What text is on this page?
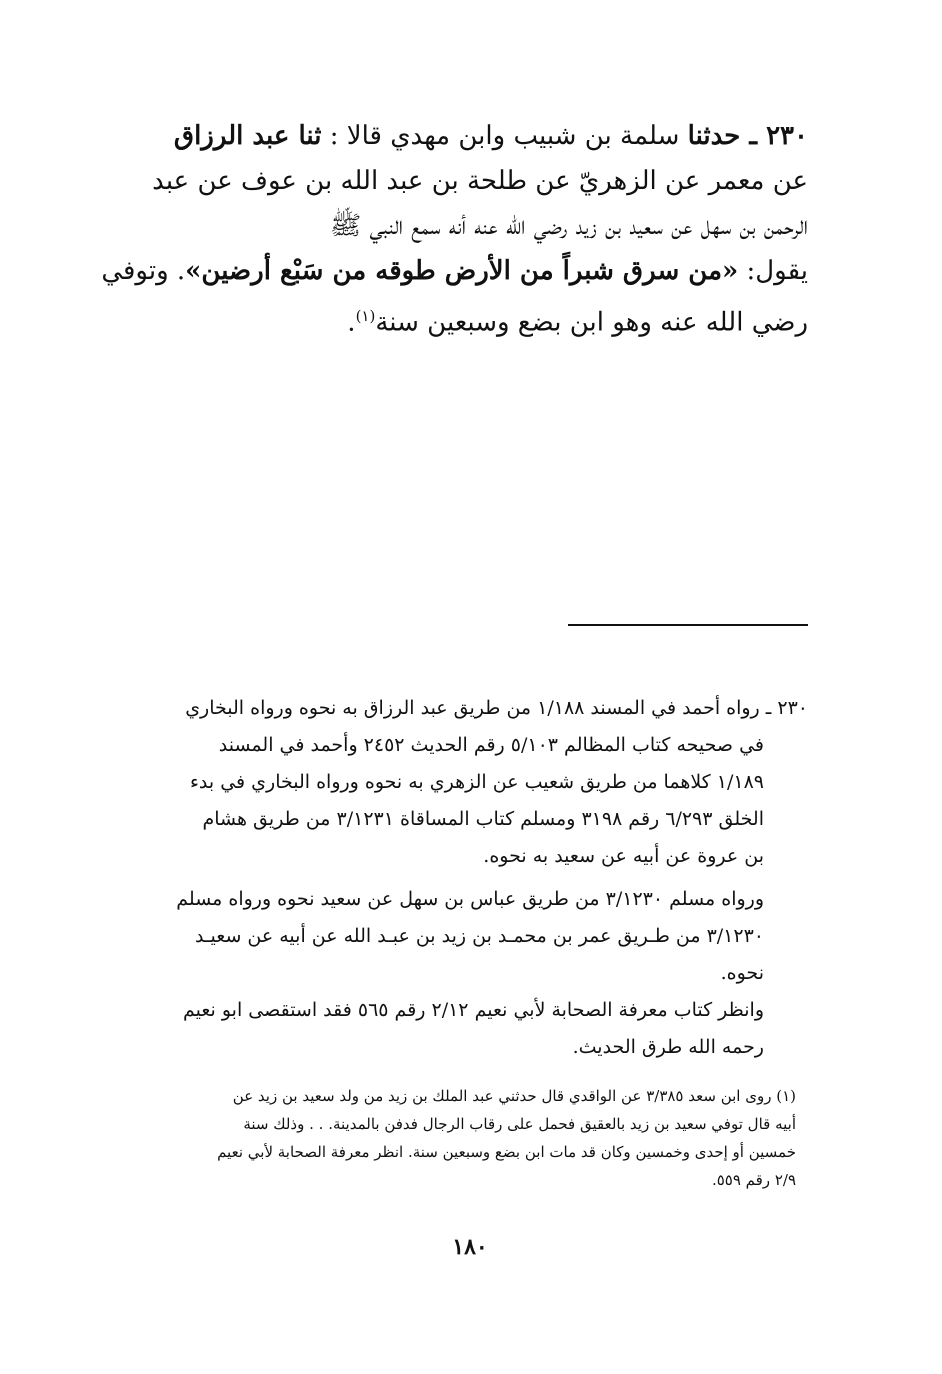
٢٣٠ ـ حدثنا سلمة بن شبيب وابن مهدي قالا : ثنا عبد الرزاق
عن معمر عن الزهريّ عن طلحة بن عبد الله بن عوف عن عبد
الرحمن بن سهل عن سعيد بن زيد رضي الله عنه أنه سمع النبي ﷺ
يقول: «من سرق شبراً من الأرض طوقه من سَبْع أرضين». وتوفي
رضي الله عنه وهو ابن بضع وسبعين سنة$^{(١)}$.
٢٣٠ ـ رواه أحمد في المسند ١/١٨٨ من طريق عبد الرزاق به نحوه ورواه البخاري
في صحيحه كتاب المظالم ٥/١٠٣ رقم الحديث ٢٤٥٢ وأحمد في المسند
١/١٨٩ كلاهما من طريق شعيب عن الزهري به نحوه ورواه البخاري في بدء
الخلق ٦/٢٩٣ رقم ٣١٩٨ ومسلم كتاب المساقاة ٣/١٢٣١ من طريق هشام
بن عروة عن أبيه عن سعيد به نحوه.
ورواه مسلم ٣/١٢٣٠ من طريق عباس بن سهل عن سعيد نحوه ورواه مسلم
٣/١٢٣٠ من طـريق عمر بن محمـد بن زيد بن عبـد الله عن أبيه عن سعيـد
نحوه.
وانظر كتاب معرفة الصحابة لأبي نعيم ٢/١٢ رقم ٥٦٥ فقد استقصى ابو نعيم
رحمه الله طرق الحديث.
(١) روى ابن سعد ٣/٣٨٥ عن الواقدي قال حدثني عبد الملك بن زيد من ولد سعيد بن زيد عن
أبيه قال توفي سعيد بن زيد بالعقيق فحمل على رقاب الرجال فدفن بالمدينة. . . وذلك سنة
خمسين أو إحدى وخمسين وكان قد مات ابن بضع وسبعين سنة. انظر معرفة الصحابة لأبي نعيم
٢/٩ رقم ٥٥٩.
١٨٠
